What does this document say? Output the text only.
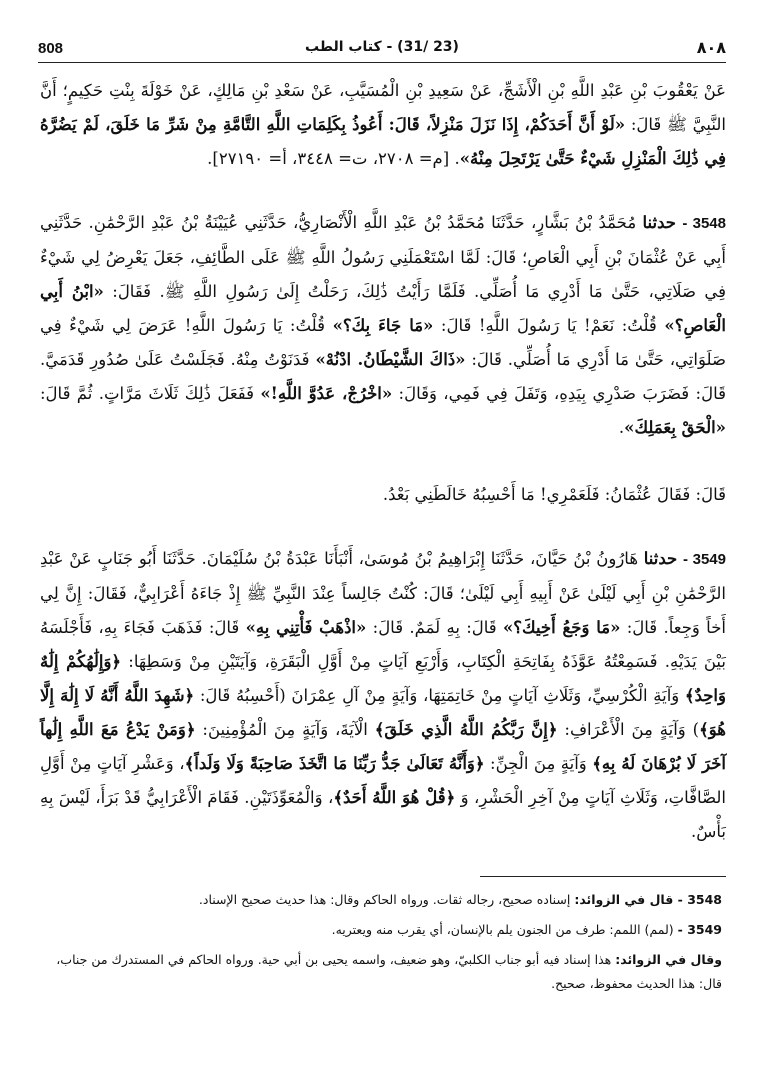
808	(23 /31) - كتاب الطب	٨٠٨
عَنْ يَعْقُوبَ بْنِ عَبْدِ اللَّهِ بْنِ الْأَشَجِّ، عَنْ سَعِيدِ بْنِ الْمُسَيَّبِ، عَنْ سَعْدِ بْنِ مَالِكٍ، عَنْ خَوْلَةَ بِنْتِ حَكِيمٍ؛ أَنَّ النَّبِيَّ ﷺ قَالَ: «لَوْ أَنَّ أَحَدَكُمْ، إِذَا نَزَلَ مَنْزِلاً، قَالَ: أَعُوذُ بِكَلِمَاتِ اللَّهِ التَّامَّةِ مِنْ شَرِّ مَا خَلَقَ، لَمْ يَضُرَّهُ فِي ذَٰلِكَ الْمَنْزِلِ شَيْءٌ حَتَّىٰ يَرْتَحِلَ مِنْهُ». [م= ٢٧٠٨، ت= ٣٤٤٨، أ= ٢٧١٩٠].
3548 - حدثنا مُحَمَّدُ بْنُ بَشَّارٍ، حَدَّثَنَا مُحَمَّدُ بْنُ عَبْدِ اللَّهِ الْأَنْصَارِيُّ، حَدَّثَنِي عُيَيْنَةُ بْنُ عَبْدِ الرَّحْمَٰنِ. حَدَّثَنِي أَبِي عَنْ عُثْمَانَ بْنِ أَبِي الْعَاصِ؛ قَالَ: لَمَّا اسْتَعْمَلَنِي رَسُولُ اللَّهِ ﷺ عَلَى الطَّائِفِ، جَعَلَ يَعْرِضُ لِي شَيْءٌ فِي صَلَاتِي، حَتَّىٰ مَا أَدْرِي مَا أُصَلِّي. فَلَمَّا رَأَيْتُ ذَٰلِكَ، رَحَلْتُ إِلَىٰ رَسُولِ اللَّهِ ﷺ. فَقَالَ: «ابْنُ أَبِي الْعَاصِ؟» قُلْتُ: نَعَمْ! يَا رَسُولَ اللَّهِ! قَالَ: «مَا جَاءَ بِكَ؟» قُلْتُ: يَا رَسُولَ اللَّهِ! عَرَضَ لِي شَيْءٌ فِي صَلَوَاتِي، حَتَّىٰ مَا أَدْرِي مَا أُصَلِّي. قَالَ: «ذَاكَ الشَّيْطَانُ. ادْنُهْ» فَدَنَوْتُ مِنْهُ. فَجَلَسْتُ عَلَىٰ صُدُورِ قَدَمَيَّ. قَالَ: فَضَرَبَ صَدْرِي بِيَدِهِ، وَتَفَلَ فِي فَمِي، وَقَالَ: «اخْرُجْ، عَدُوَّ اللَّهِ!» فَفَعَلَ ذَٰلِكَ ثَلَاثَ مَرَّاتٍ. ثُمَّ قَالَ: «الْحَقْ بِعَمَلِكَ».
قَالَ: فَقَالَ عُثْمَانُ: فَلَعَمْرِي! مَا أَحْسِبُهُ خَالَطَنِي بَعْدُ.
3549 - حدثنا هَارُونُ بْنُ حَيَّانَ، حَدَّثَنَا إِبْرَاهِيمُ بْنُ مُوسَىٰ، أَنْبَأَنَا عَبْدَةُ بْنُ سُلَيْمَانَ. حَدَّثَنَا أَبُو جَنَابٍ عَنْ عَبْدِ الرَّحْمَٰنِ بْنِ أَبِي لَيْلَىٰ عَنْ أَبِيهِ أَبِي لَيْلَىٰ؛ قَالَ: كُنْتُ جَالِساً عِنْدَ النَّبِيِّ ﷺ إِذْ جَاءَهُ أَعْرَابِيٌّ، فَقَالَ: إِنَّ لِي أَخاً وَجِعاً. قَالَ: «مَا وَجَعُ أَخِيكَ؟» قَالَ: بِهِ لَمَمٌ. قَالَ: «اذْهَبْ فَأْتِنِي بِهِ» قَالَ: فَذَهَبَ فَجَاءَ بِهِ، فَأَجْلَسَهُ بَيْنَ يَدَيْهِ. فَسَمِعْتُهُ عَوَّذَهُ بِفَاتِحَةِ الْكِتَابِ، وَأَرْبَعِ آيَاتٍ مِنْ أَوَّلِ الْبَقَرَةِ، وَآيَتَيْنِ مِنْ وَسَطِهَا: ﴿وَإِلَٰهُكُمْ إِلَٰهٌ وَاحِدٌ﴾ وَآيَةِ الْكُرْسِيِّ، وَثَلَاثِ آيَاتٍ مِنْ خَاتِمَتِهَا، وَآيَةٍ مِنْ آلِ عِمْرَانَ (أَحْسِبُهُ قَالَ: ﴿شَهِدَ اللَّهُ أَنَّهُ لَا إِلَٰهَ إِلَّا هُوَ﴾) وَآيَةٍ مِنَ الْأَعْرَافِ: ﴿إِنَّ رَبَّكُمُ اللَّهُ الَّذِي خَلَقَ﴾ الْآيَةَ، وَآيَةٍ مِنَ الْمُؤْمِنِينَ: ﴿وَمَنْ يَدْعُ مَعَ اللَّهِ إِلَٰهاً آخَرَ لَا بُرْهَانَ لَهُ بِهِ﴾ وَآيَةٍ مِنَ الْجِنِّ: ﴿وَأَنَّهُ تَعَالَىٰ جَدُّ رَبِّنَا مَا اتَّخَذَ صَاحِبَةً وَلَا وَلَداً﴾، وَعَشْرِ آيَاتٍ مِنْ أَوَّلِ الصَّافَّاتِ، وَثَلَاثِ آيَاتٍ مِنْ آخِرِ الْحَشْرِ، وَ ﴿قُلْ هُوَ اللَّهُ أَحَدٌ﴾، وَالْمُعَوِّذَتَيْنِ. فَقَامَ الْأَعْرَابِيُّ قَدْ بَرَأَ، لَيْسَ بِهِ بَأْسٌ.

3548 - قال في الزوائد: إسناده صحيح، رجاله ثقات. ورواه الحاكم وقال: هذا حديث صحيح الإسناد.

3549 - (لمم) اللمم: طرف من الجنون يلم بالإنسان، أي يقرب منه ويعتريه.

وقال في الزوائد: هذا إسناد فيه أبو جناب الكلبيّ، وهو ضعيف، واسمه يحيى بن أبي حية. ورواه الحاكم في المستدرك من جناب، قال: هذا الحديث محفوظ، صحيح.
